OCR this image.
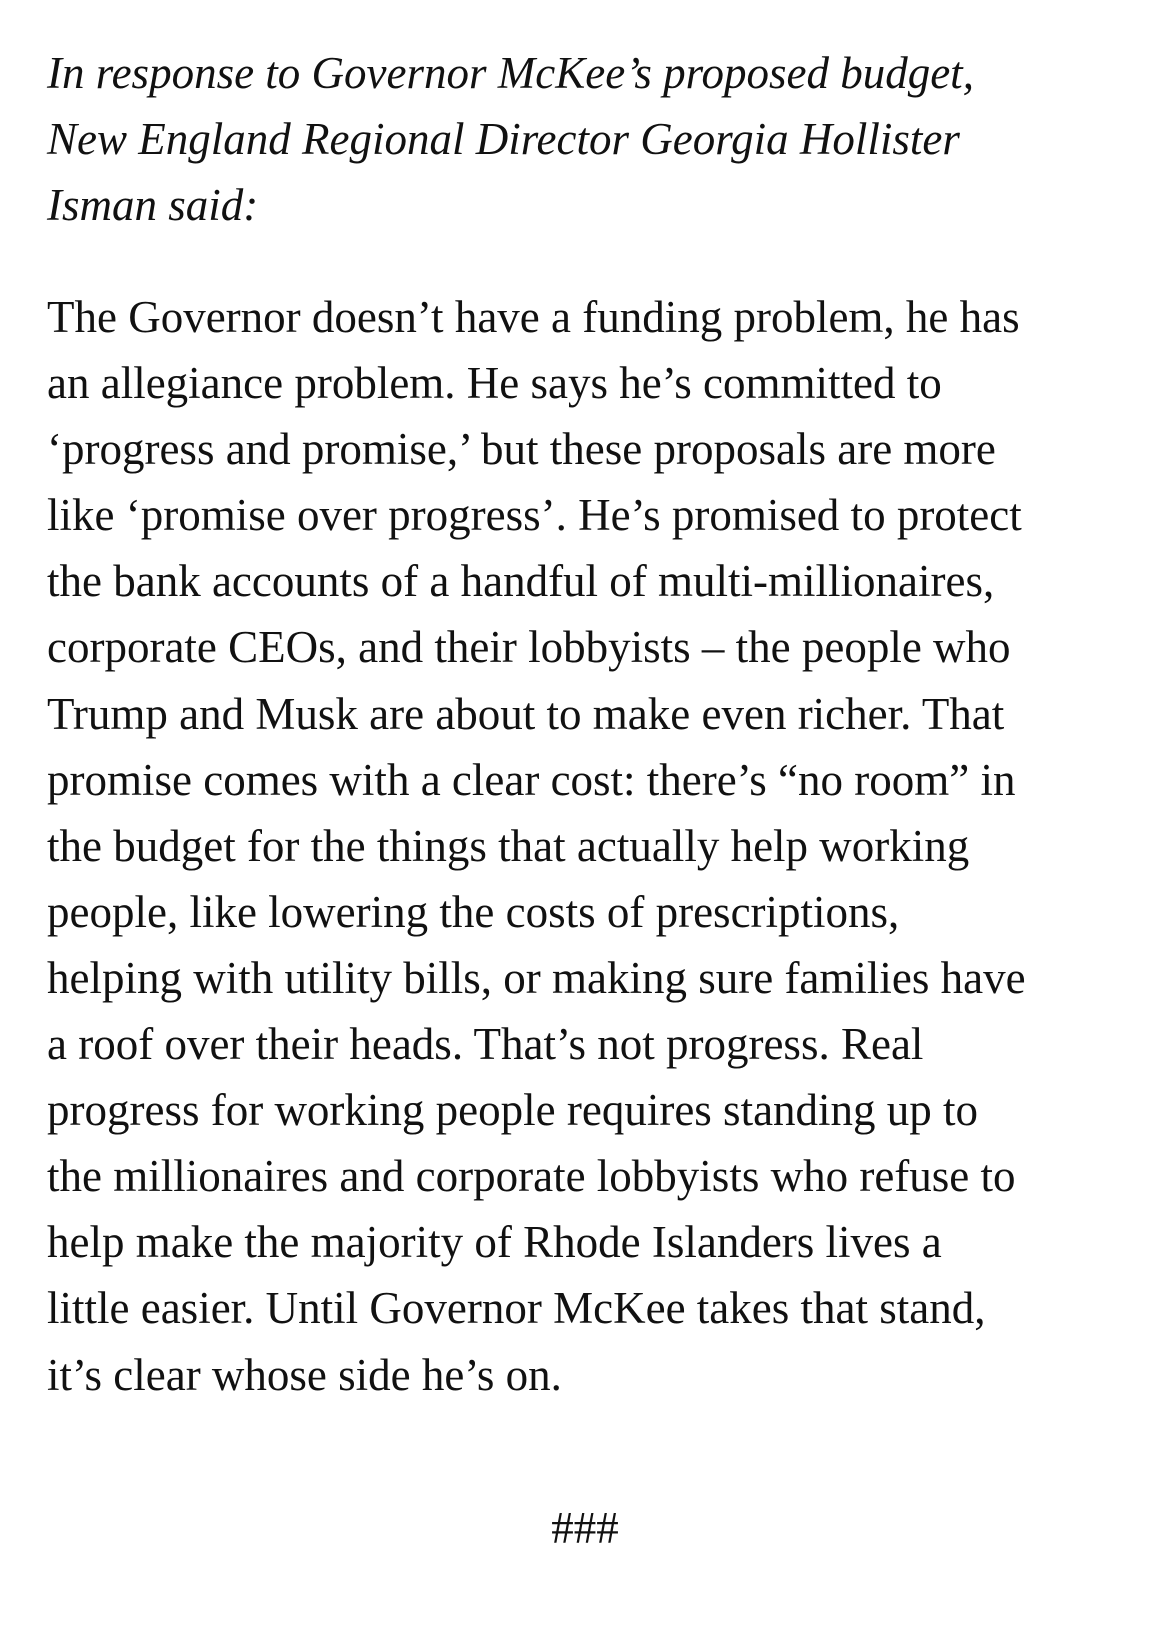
In response to Governor McKee’s proposed budget,
New England Regional Director Georgia Hollister
Isman said:

The Governor doesn’t have a funding problem, he has
an allegiance problem. He says he’s committed to
‘progress and promise,’ but these proposals are more
like ‘promise over progress’. He’s promised to protect
the bank accounts of a handful of multi-millionaires,
corporate CEOs, and their lobbyists – the people who
Trump and Musk are about to make even richer. That
promise comes with a clear cost: there’s “no room” in
the budget for the things that actually help working
people, like lowering the costs of prescriptions,
helping with utility bills, or making sure families have
a roof over their heads. That’s not progress. Real
progress for working people requires standing up to
the millionaires and corporate lobbyists who refuse to
help make the majority of Rhode Islanders lives a
little easier. Until Governor McKee takes that stand,
it’s clear whose side he’s on.

###
